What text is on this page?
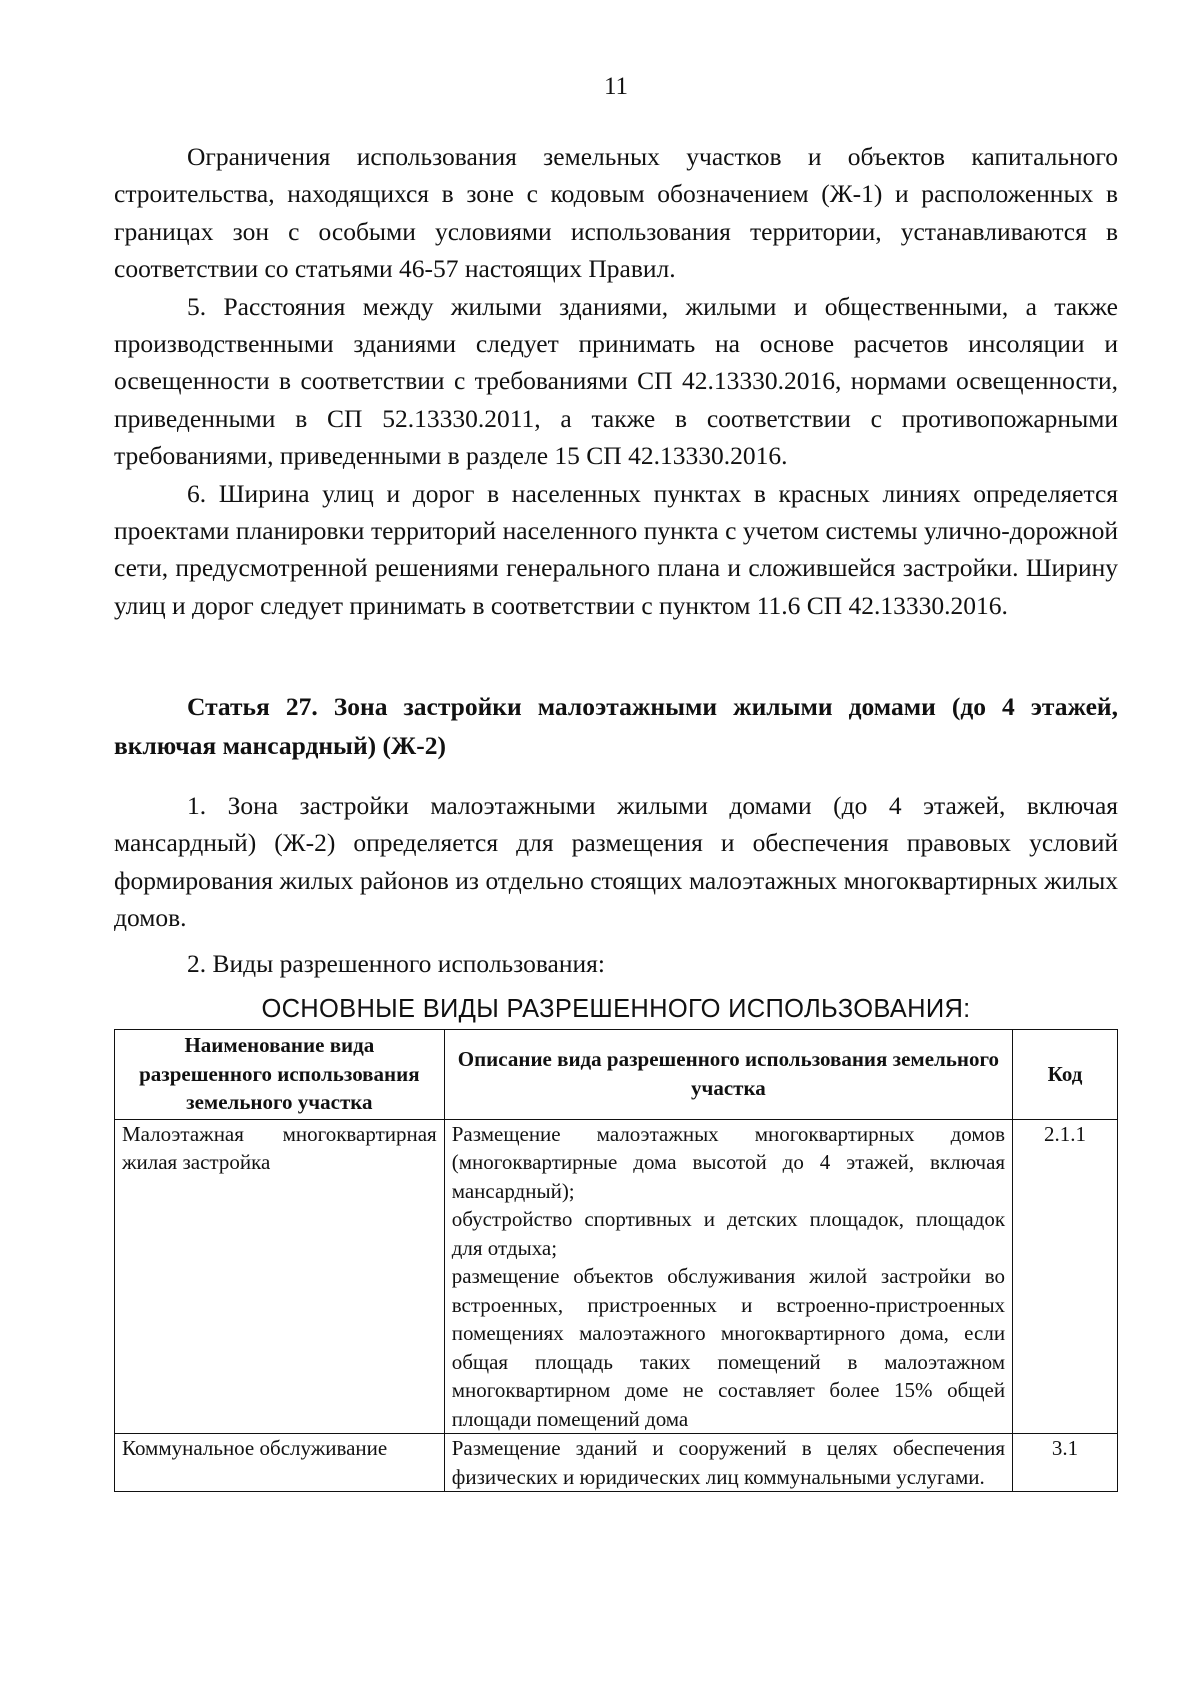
11

Ограничения использования земельных участков и объектов капитального строительства, находящихся в зоне с кодовым обозначением (Ж-1) и расположенных в границах зон с особыми условиями использования территории, устанавливаются в соответствии со статьями 46-57 настоящих Правил.

5. Расстояния между жилыми зданиями, жилыми и общественными, а также производственными зданиями следует принимать на основе расчетов инсоляции и освещенности в соответствии с требованиями СП 42.13330.2016, нормами освещенности, приведенными в СП 52.13330.2011, а также в соответствии с противопожарными требованиями, приведенными в разделе 15 СП 42.13330.2016.

6. Ширина улиц и дорог в населенных пунктах в красных линиях определяется проектами планировки территорий населенного пункта с учетом системы улично-дорожной сети, предусмотренной решениями генерального плана и сложившейся застройки. Ширину улиц и дорог следует принимать в соответствии с пунктом 11.6 СП 42.13330.2016.

Статья 27. Зона застройки малоэтажными жилыми домами (до 4 этажей, включая мансардный) (Ж-2)

1. Зона застройки малоэтажными жилыми домами (до 4 этажей, включая мансардный) (Ж-2) определяется для размещения и обеспечения правовых условий формирования жилых районов из отдельно стоящих малоэтажных многоквартирных жилых домов.

2. Виды разрешенного использования:

ОСНОВНЫЕ ВИДЫ РАЗРЕШЕННОГО ИСПОЛЬЗОВАНИЯ:
Наименование вида разрешенного использования земельного участка	Описание вида разрешенного использования земельного участка	Код
Малоэтажная многоквартирная жилая застройка	Размещение малоэтажных многоквартирных домов (многоквартирные дома высотой до 4 этажей, включая мансардный);
обустройство спортивных и детских площадок, площадок для отдыха;
размещение объектов обслуживания жилой застройки во встроенных, пристроенных и встроенно-пристроенных помещениях малоэтажного многоквартирного дома, если общая площадь таких помещений в малоэтажном многоквартирном доме не составляет более 15% общей площади помещений дома	2.1.1
Коммунальное обслуживание	Размещение зданий и сооружений в целях обеспечения физических и юридических лиц коммунальными услугами.	3.1
